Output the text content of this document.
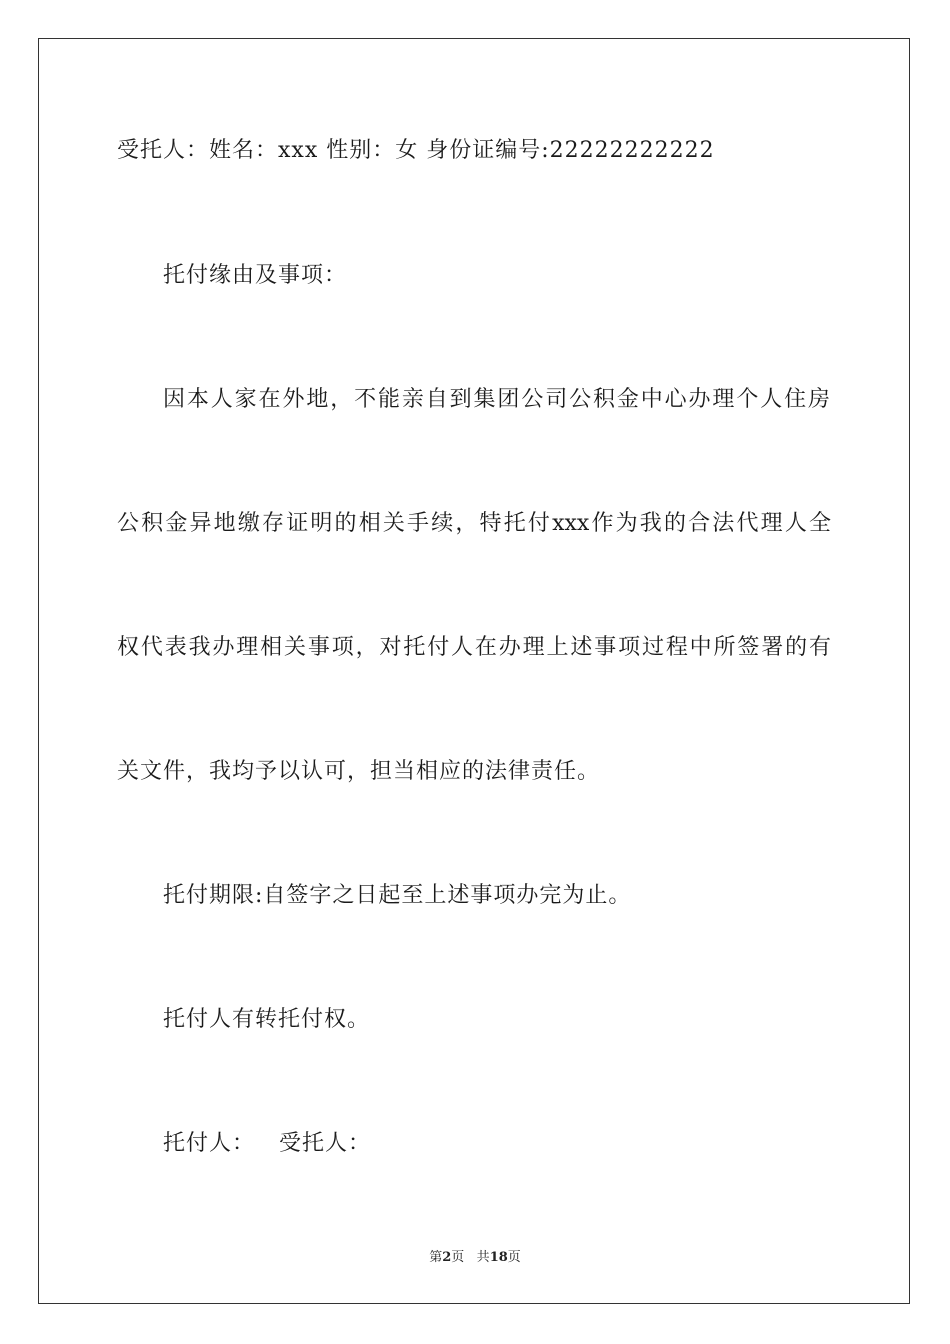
受托人：姓名：xxx 性别：女 身份证编号:22222222222
托付缘由及事项：
因本人家在外地，不能亲自到集团公司公积金中心办理个人住房
公积金异地缴存证明的相关手续，特托付xxx作为我的合法代理人全
权代表我办理相关事项，对托付人在办理上述事项过程中所签署的有
关文件，我均予以认可，担当相应的法律责任。
托付期限:自签字之日起至上述事项办完为止。
托付人有转托付权。
托付人：   受托人：
第2页 共18页
